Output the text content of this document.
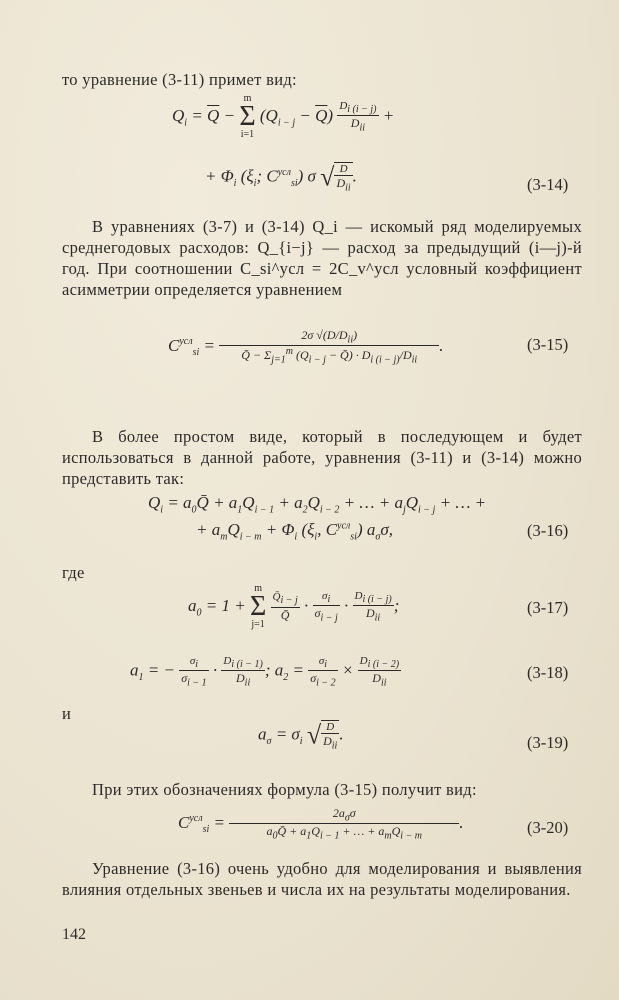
то уравнение (3-11) примет вид:
$Q_i = \overline{Q}$ −
m
Σ
i=1
$(Q_{i - j} - \overline{Q}) \frac{D_{i (i - j)}}{D_{ii}}$ +
+ $\Phi_i$ ($\xi_i$; $C^{усл}_{si}$) σ √ $\frac{D}{D_{ii}}$ .	(3-14)
В уравнениях (3-7) и (3-14) Q_i — искомый ряд моделируемых среднегодовых расходов: Q_{i−j} — расход за предыдущий (i—j)-й год. При соотношении C_si^усл = 2C_v^усл условный коэффициент асимметрии определяется уравнением
$C^{усл}_{si} = \frac{2\sigma √(D/D_{ii})}{Q̄ - \Sigma_{j=1}^m (Q_{i - j} - Q̄) \cdot D_{i (i - j)}/D_{ii}}$ .	(3-15)
В более простом виде, который в последующем и будет использоваться в данной работе, уравнения (3-11) и (3-14) можно представить так:
$Q_i$ = $a_0Q̄ + a_1Q_{i - 1} + a_2Q_{i - 2}$ + … + $a_jQ_{i - j}$ + … +
+ $a_mQ_{i - m} + \Phi_i$ ($\xi_i$, $C^{усл}_{si}$) $a_\sigma\sigma$,	(3-16)
где
$a_0 = 1$ +
m
Σ
j=1

$\frac{Q̄_{i - j}}{Q̄} \cdot \frac{\sigma_i}{\sigma_{i - j}} \cdot \frac{D_{i (i - j)}}{D_{ii}}$ ;	(3-17)
$a_1$ = − $\frac{\sigma_i}{\sigma_{i - 1}} \cdot \frac{D_{i (i - 1)}}{D_{ii}}$ ; $a_2 = \frac{\sigma_i}{\sigma_{i - 2}} \times \frac{D_{i (i - 2)}}{D_{ii}}$	(3-18)
и
$a_\sigma = \sigma_i$ √ $\frac{D}{D_{ii}}$ .	(3-19)
При этих обозначениях формула (3-15) получит вид:
$C^{усл}_{si} = \frac{2a_\sigma\sigma}{a_0Q̄ + a_1Q_{i - 1} + \dots + a_mQ_{i - m}}$ .	(3-20)
Уравнение (3-16) очень удобно для моделирования и выявления влияния отдельных звеньев и числа их на результаты моделирования.
142
